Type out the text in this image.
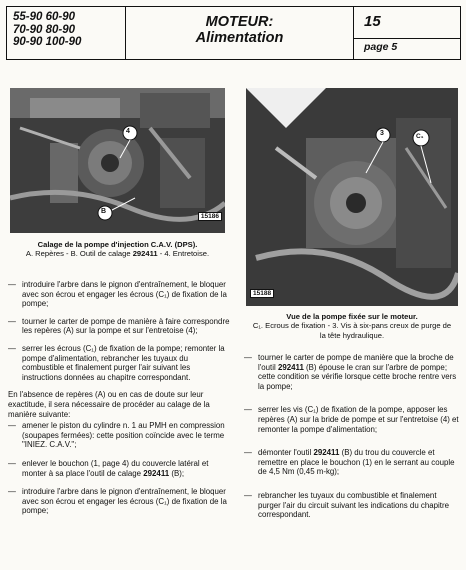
55-90 60-90
70-90 80-90
90-90 100-90
MOTEUR:
Alimentation
15
page 5
15186
4
B
Calage de la pompe d'injection C.A.V. (DPS).
A. Repères - B. Outil de calage 292411 - 4. Entretoise.
15188
3	C₁
Vue de la pompe fixée sur le moteur.
C₁. Ecrous de fixation - 3. Vis à six-pans creux de purge de
la tête hydraulique.
— introduire l'arbre dans le pignon d'entraînement, le bloquer avec son écrou et engager les écrous (C₁) de fixation de la pompe;
— tourner le carter de pompe de manière à faire correspondre les repères (A) sur la pompe et sur l'entretoise (4);
— serrer les écrous (C₁) de fixation de la pompe; remonter la pompe d'alimentation, rebrancher les tuyaux du combustible et finalement purger l'air suivant les instructions données au chapitre correspondant.
En l'absence de repères (A) ou en cas de doute sur leur exactitude, il sera nécessaire de procéder au calage de la manière suivante:
— amener le piston du cylindre n. 1 au PMH en compression (soupapes fermées): cette position coïncide avec le terme "INIEZ. C.A.V.";
— enlever le bouchon (1, page 4) du couvercle latéral et monter à sa place l'outil de calage 292411 (B);
— introduire l'arbre dans le pignon d'entraînement, le bloquer avec son écrou et engager les écrous (C₁) de fixation de la pompe;
— tourner le carter de pompe de manière que la broche de l'outil 292411 (B) épouse le cran sur l'arbre de pompe; cette condition se vérifie lorsque cette broche rentre vers la pompe;
— serrer les vis (C₁) de fixation de la pompe, apposer les repères (A) sur la bride de pompe et sur l'entretoise (4) et remonter la pompe d'alimentation;
— démonter l'outil 292411 (B) du trou du couvercle et remettre en place le bouchon (1) en le serrant au couple de 4,5 Nm (0,45 m-kg);
— rebrancher les tuyaux du combustible et finalement purger l'air du circuit suivant les indications du chapitre correspondant.
